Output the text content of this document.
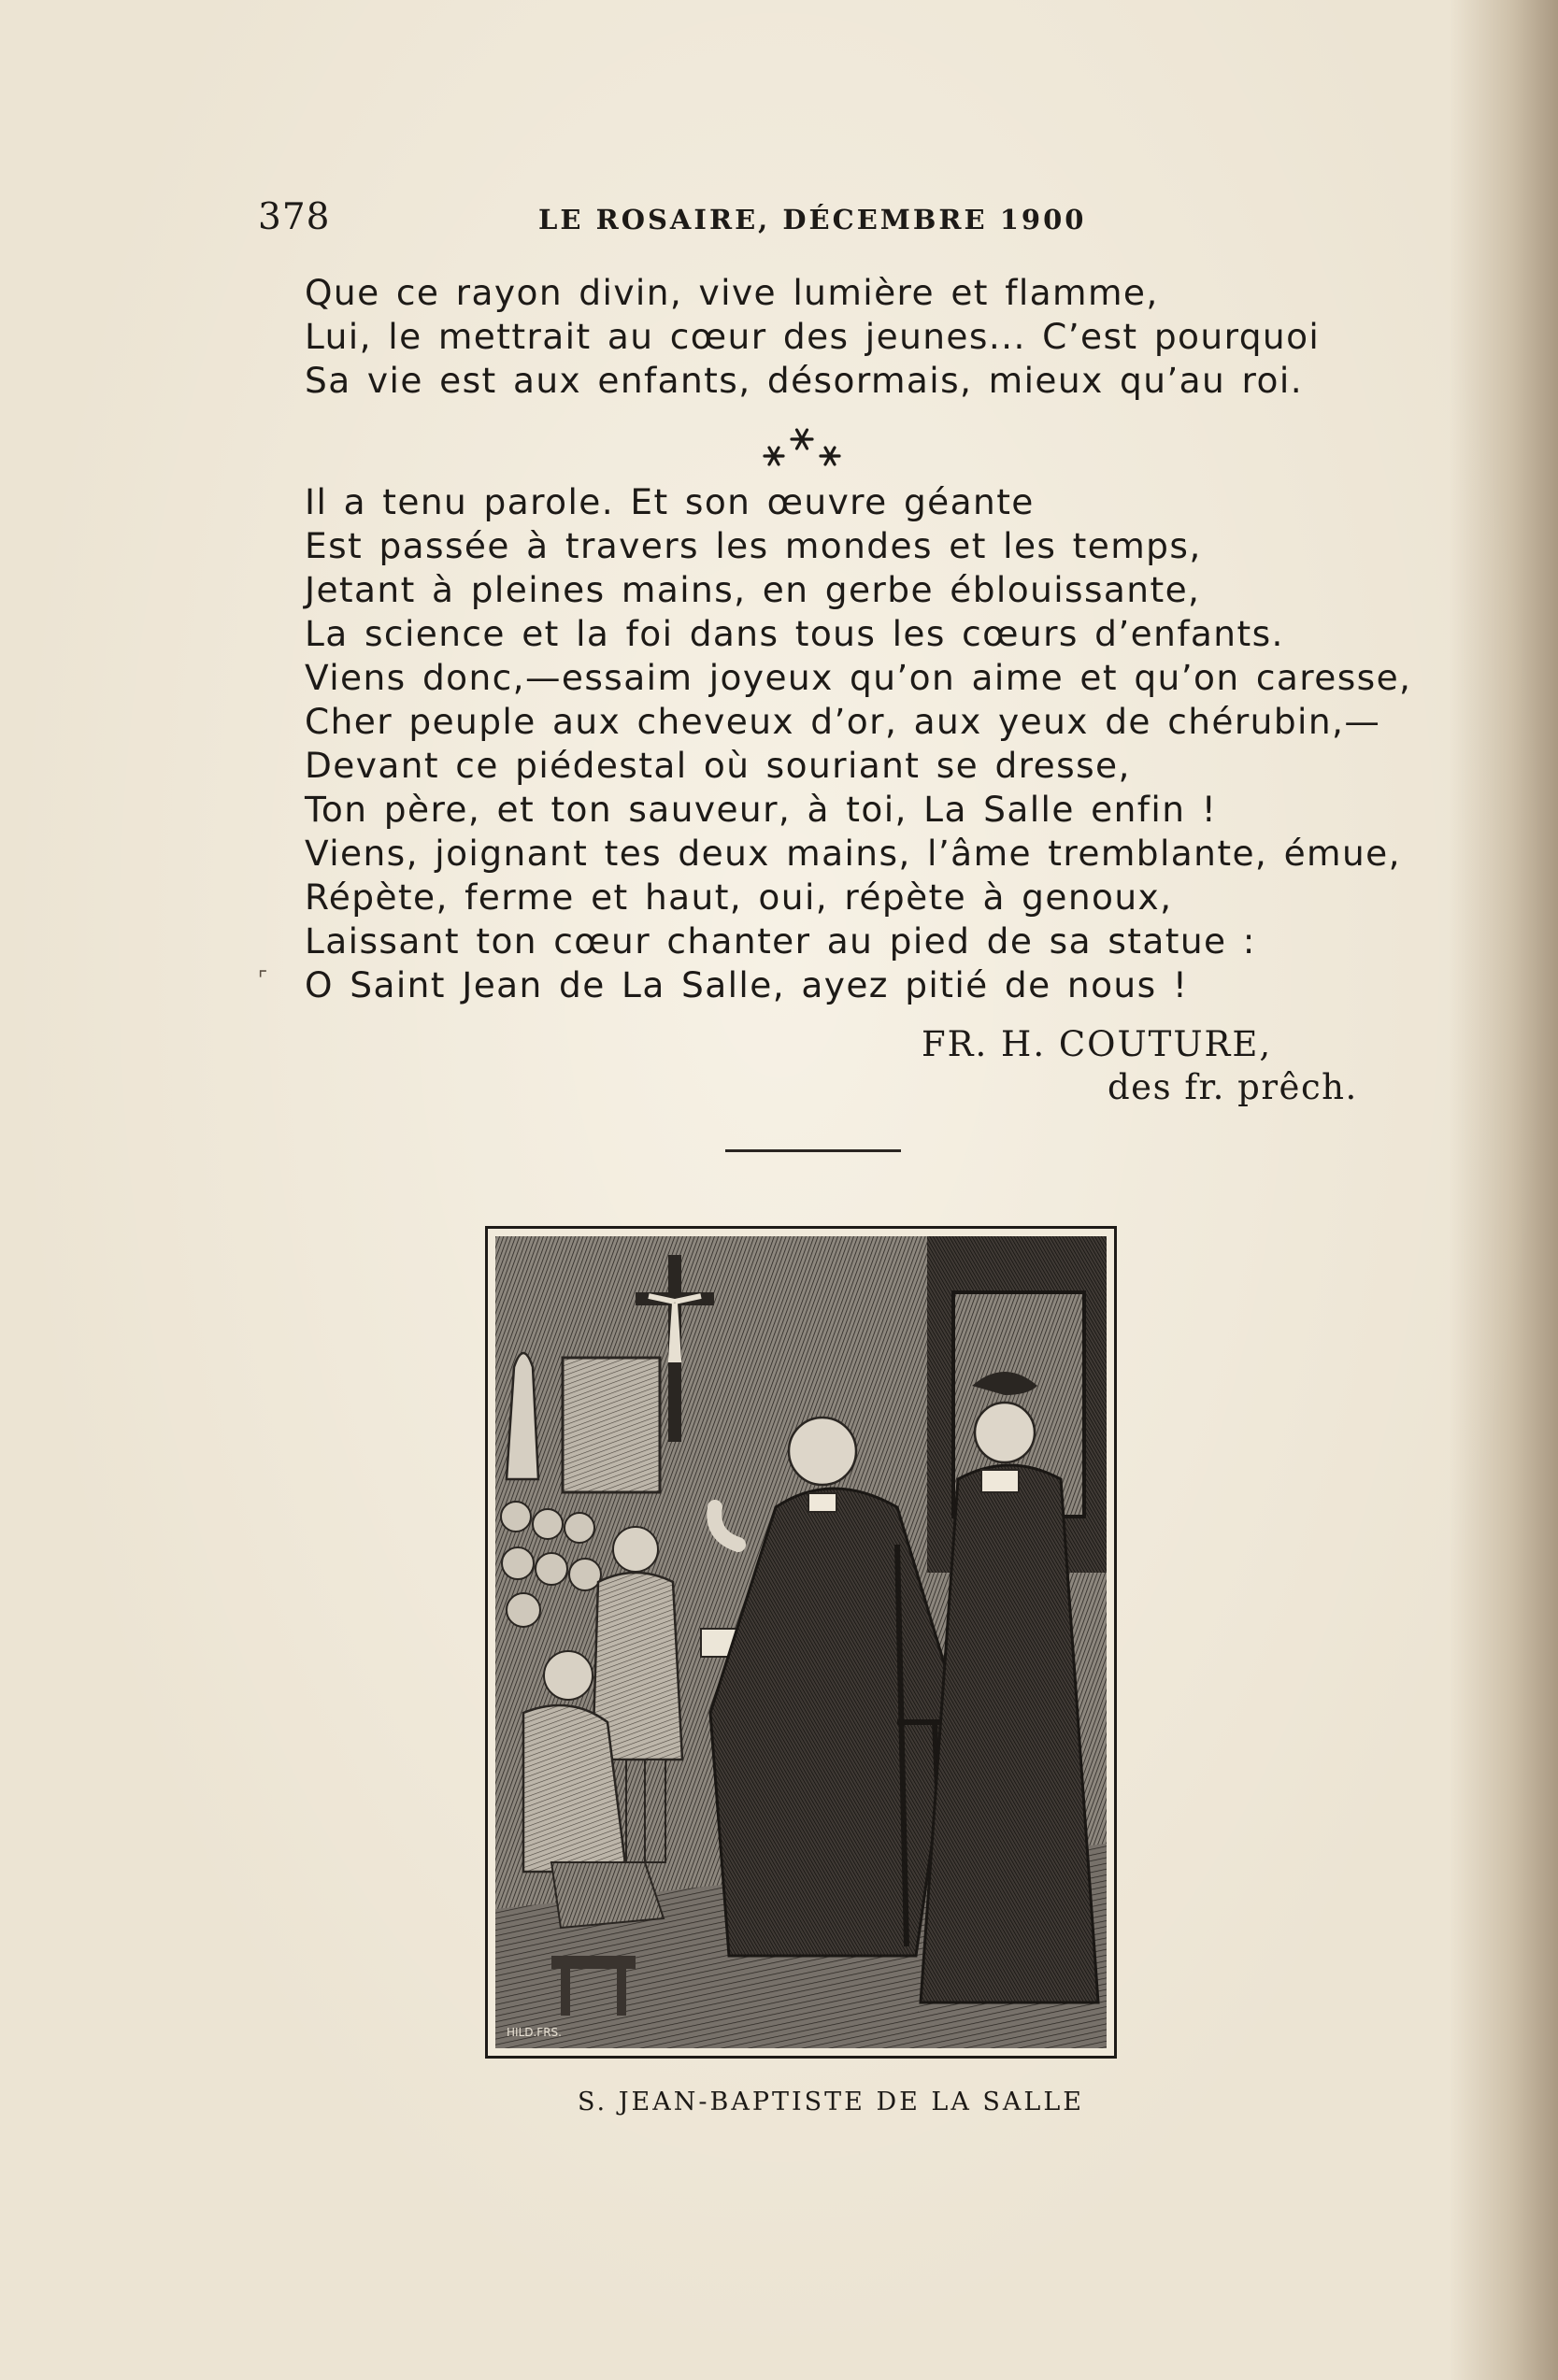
378	LE ROSAIRE, DÉCEMBRE 1900
Que ce rayon divin, vive lumière et flamme,
Lui, le mettrait au cœur des jeunes... C’est pourquoi
Sa vie est aux enfants, désormais, mieux qu’au roi.
Il a tenu parole. Et son œuvre géante
Est passée à travers les mondes et les temps,
Jetant à pleines mains, en gerbe éblouissante,
La science et la foi dans tous les cœurs d’enfants.
Viens donc,—essaim joyeux qu’on aime et qu’on caresse,
Cher peuple aux cheveux d’or, aux yeux de chérubin,—
Devant ce piédestal où souriant se dresse,
Ton père, et ton sauveur, à toi, La Salle enfin !
Viens, joignant tes deux mains, l’âme tremblante, émue,
Répète, ferme et haut, oui, répète à genoux,
Laissant ton cœur chanter au pied de sa statue :
O Saint Jean de La Salle, ayez pitié de nous !
⌜
FR. H. COUTURE,
des fr. prêch.
HILD.FRS.
S. JEAN-BAPTISTE DE LA SALLE
